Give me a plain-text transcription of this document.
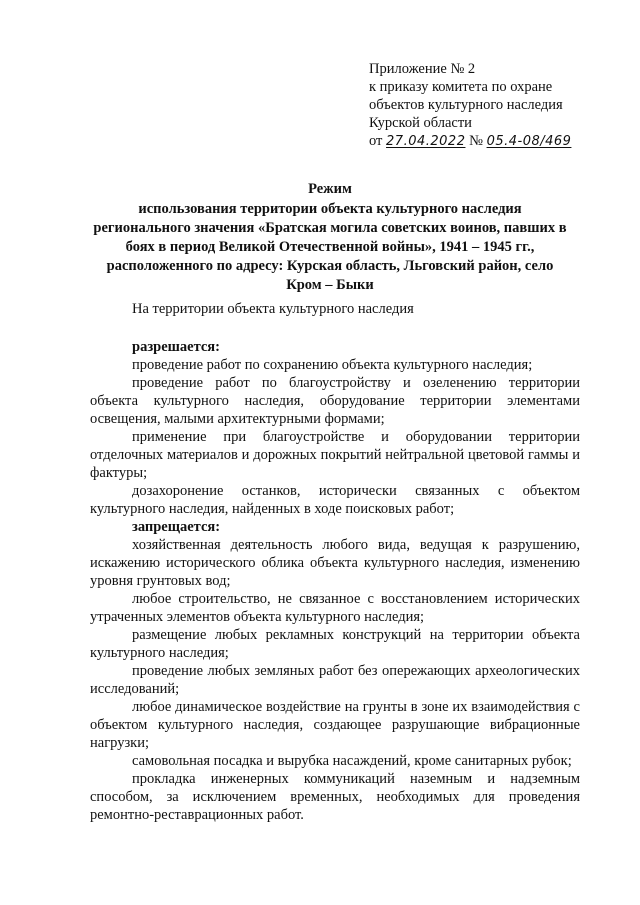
Приложение № 2
к приказу комитета по охране
объектов культурного наследия
Курской области
от 27.04.2022 № 05.4-08/469
Режим
использования территории объекта культурного наследия регионального значения «Братская могила советских воинов, павших в боях в период Великой Отечественной войны», 1941 – 1945 гг., расположенного по адресу: Курская область, Льговский район, село Кром – Быки

На территории объекта культурного наследия

разрешается:

проведение работ по сохранению объекта культурного наследия;

проведение работ по благоустройству и озеленению территории объекта культурного наследия, оборудование территории элементами освещения, малыми архитектурными формами;

применение при благоустройстве и оборудовании территории отделочных материалов и дорожных покрытий нейтральной цветовой гаммы и фактуры;

дозахоронение останков, исторически связанных с объектом культурного наследия, найденных в ходе поисковых работ;

запрещается:

хозяйственная деятельность любого вида, ведущая к разрушению, искажению исторического облика объекта культурного наследия, изменению уровня грунтовых вод;

любое строительство, не связанное с восстановлением исторических утраченных элементов объекта культурного наследия;

размещение любых рекламных конструкций на территории объекта культурного наследия;

проведение любых земляных работ без опережающих археологических исследований;

любое динамическое воздействие на грунты в зоне их взаимодействия с объектом культурного наследия, создающее разрушающие вибрационные нагрузки;

самовольная посадка и вырубка насаждений, кроме санитарных рубок;

прокладка инженерных коммуникаций наземным и надземным способом, за исключением временных, необходимых для проведения ремонтно-реставрационных работ.
